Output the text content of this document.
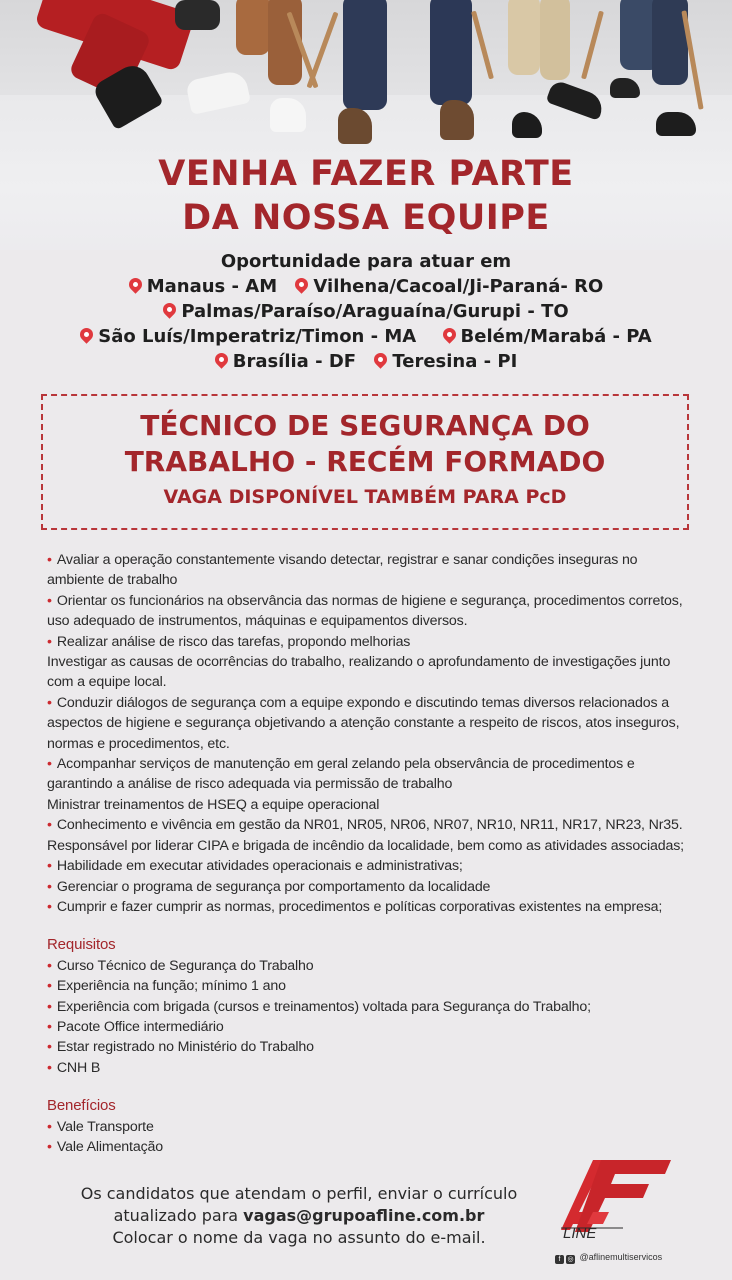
VENHA FAZER PARTE
DA NOSSA EQUIPE
Oportunidade para atuar em
Manaus - AM Vilhena/Cacoal/Ji-Paraná- RO
Palmas/Paraíso/Araguaína/Gurupi - TO
São Luís/Imperatriz/Timon - MA Belém/Marabá - PA
Brasília - DF Teresina - PI
TÉCNICO DE SEGURANÇA DO
TRABALHO - RECÉM FORMADO
VAGA DISPONÍVEL TAMBÉM PARA PcD

• Avaliar a operação constantemente visando detectar, registrar e sanar condições inseguras no ambiente de trabalho

• Orientar os funcionários na observância das normas de higiene e segurança, procedimentos corretos, uso adequado de instrumentos, máquinas e equipamentos diversos.

• Realizar análise de risco das tarefas, propondo melhorias

Investigar as causas de ocorrências do trabalho, realizando o aprofundamento de investigações junto com a equipe local.

• Conduzir diálogos de segurança com a equipe expondo e discutindo temas diversos relacionados a aspectos de higiene e segurança objetivando a atenção constante a respeito de riscos, atos inseguros, normas e procedimentos, etc.

• Acompanhar serviços de manutenção em geral zelando pela observância de procedimentos e garantindo a análise de risco adequada via permissão de trabalho

Ministrar treinamentos de HSEQ a equipe operacional

• Conhecimento e vivência em gestão da NR01, NR05, NR06, NR07, NR10, NR11, NR17, NR23, Nr35.

Responsável por liderar CIPA e brigada de incêndio da localidade, bem como as atividades associadas;

• Habilidade em executar atividades operacionais e administrativas;

• Gerenciar o programa de segurança por comportamento da localidade

• Cumprir e fazer cumprir as normas, procedimentos e políticas corporativas existentes na empresa;

Requisitos

• Curso Técnico de Segurança do Trabalho

• Experiência na função; mínimo 1 ano

• Experiência com brigada (cursos e treinamentos) voltada para Segurança do Trabalho;

• Pacote Office intermediário

• Estar registrado no Ministério do Trabalho

• CNH B

Benefícios

• Vale Transporte

• Vale Alimentação

Os candidatos que atendam o perfil, enviar o currículo
atualizado para vagas@grupoafline.com.br
Colocar o nome da vaga no assunto do e-mail.	LINE
f ◎ @aflinemultiservicos
